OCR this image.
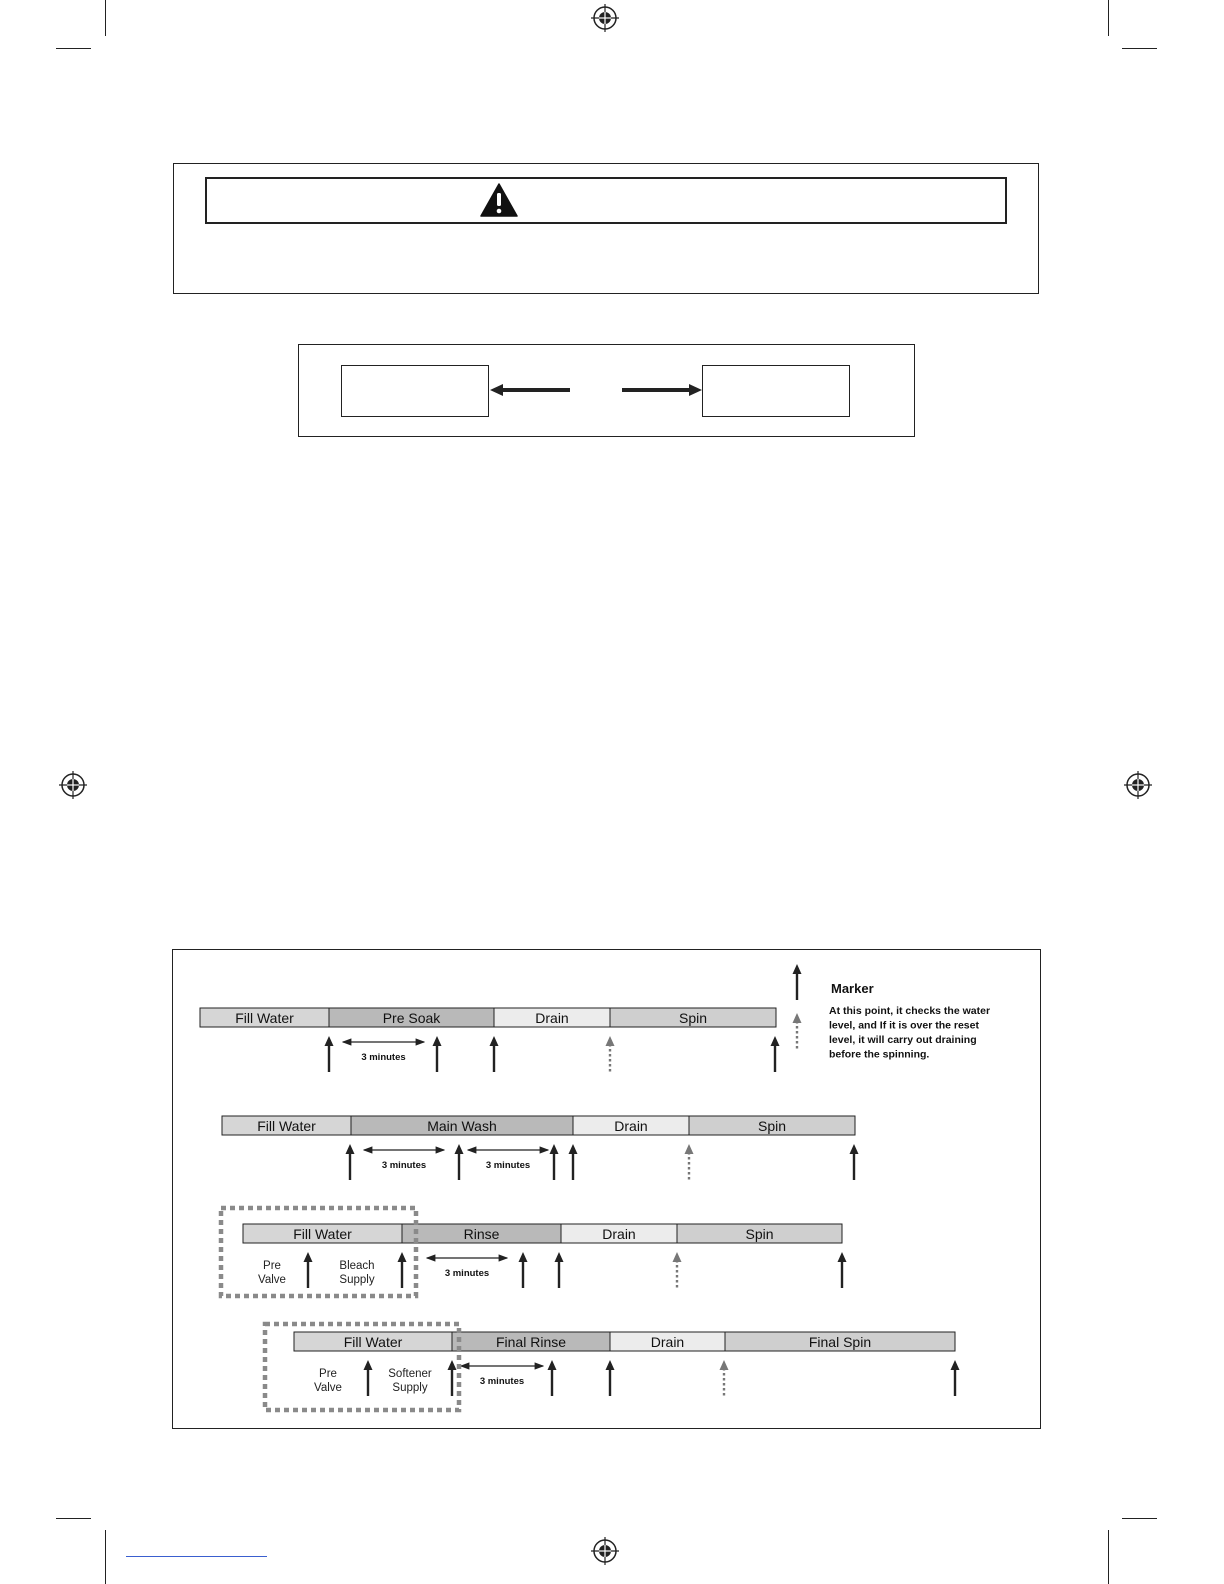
Marker
At this point, it checks the water
level, and If it is over the reset
level, it will carry out draining
before the spinning.
Fill Water	Pre Soak	Drain	Spin
3 minutes
Fill Water	Main Wash	Drain	Spin
3 minutes	3 minutes
Fill Water	Rinse	Drain	Spin
3 minutes
Pre
Valve
Bleach
Supply
Fill Water	Final Rinse	Drain	Final Spin
3 minutes
Pre
Valve
Softener
Supply
